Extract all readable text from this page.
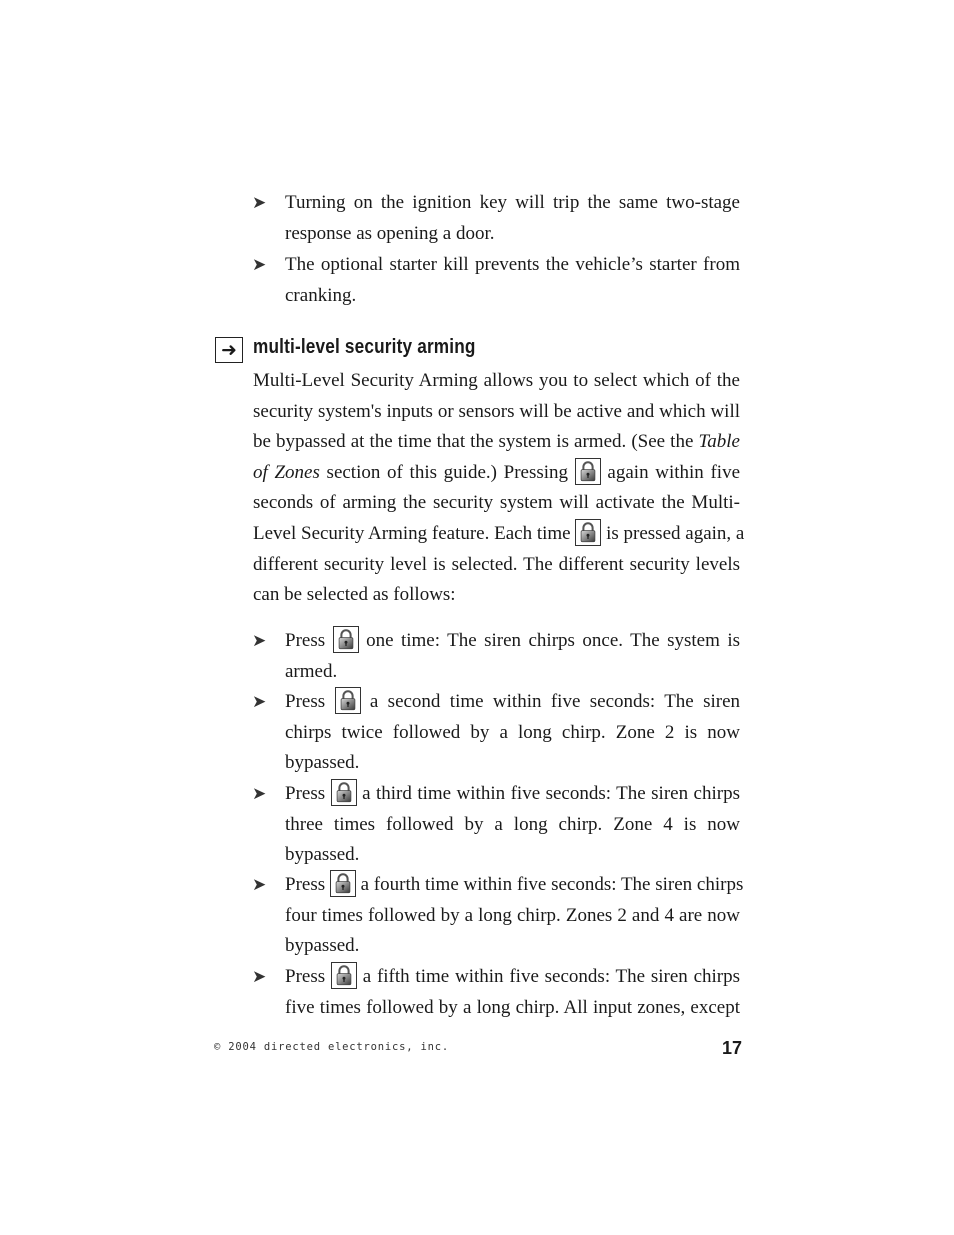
➤ Turning on the ignition key will trip the same two-stage
response as opening a door.
➤ The optional starter kill prevents the vehicle’s starter from
cranking.
➜ multi-level security arming
Multi-Level Security Arming allows you to select which of the
security system's inputs or sensors will be active and which will
be bypassed at the time that the system is armed. (See the Table
of Zones section of this guide.) Pressing again within five
seconds of arming the security system will activate the Multi-
Level Security Arming feature. Each time is pressed again, a
different security level is selected. The different security levels
can be selected as follows:
➤ Press one time: The siren chirps once. The system is
armed.
➤ Press a second time within five seconds: The siren
chirps twice followed by a long chirp. Zone 2 is now
bypassed.
➤ Press a third time within five seconds: The siren chirps
three times followed by a long chirp. Zone 4 is now
bypassed.
➤ Press a fourth time within five seconds: The siren chirps
four times followed by a long chirp. Zones 2 and 4 are now
bypassed.
➤ Press a fifth time within five seconds: The siren chirps
five times followed by a long chirp. All input zones, except
© 2004 directed electronics, inc.	17
